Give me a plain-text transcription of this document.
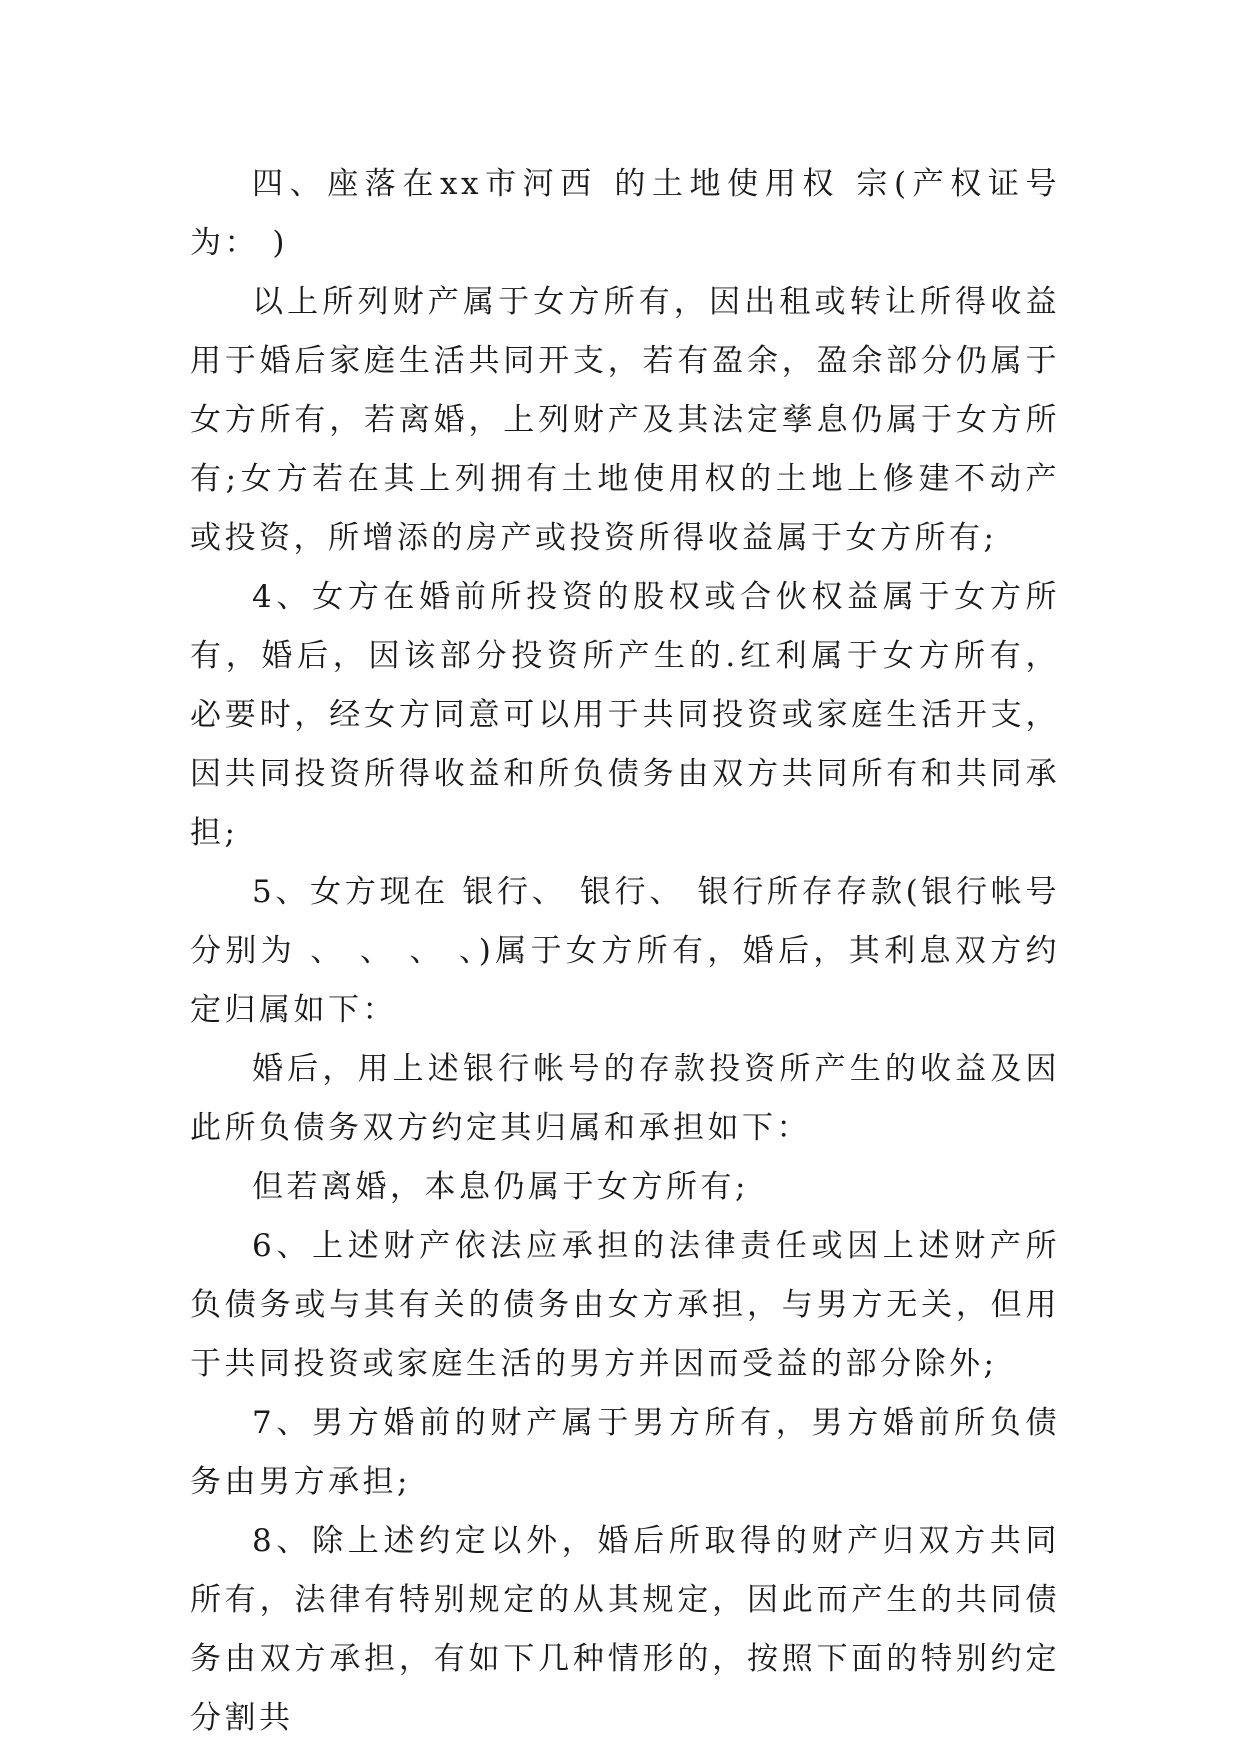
四、座落在xx市河西 的土地使用权 宗(产权证号为： )

以上所列财产属于女方所有，因出租或转让所得收益用于婚后家庭生活共同开支，若有盈余，盈余部分仍属于女方所有，若离婚，上列财产及其法定孳息仍属于女方所有;女方若在其上列拥有土地使用权的土地上修建不动产或投资，所增添的房产或投资所得收益属于女方所有;

4、女方在婚前所投资的股权或合伙权益属于女方所有，婚后，因该部分投资所产生的.红利属于女方所有，必要时，经女方同意可以用于共同投资或家庭生活开支，因共同投资所得收益和所负债务由双方共同所有和共同承担;

5、女方现在 银行、 银行、 银行所存存款(银行帐号分别为 、 、 、 、)属于女方所有，婚后，其利息双方约定归属如下：

婚后，用上述银行帐号的存款投资所产生的收益及因此所负债务双方约定其归属和承担如下：

但若离婚，本息仍属于女方所有;

6、上述财产依法应承担的法律责任或因上述财产所负债务或与其有关的债务由女方承担，与男方无关，但用于共同投资或家庭生活的男方并因而受益的部分除外;

7、男方婚前的财产属于男方所有，男方婚前所负债务由男方承担;

8、除上述约定以外，婚后所取得的财产归双方共同所有，法律有特别规定的从其规定，因此而产生的共同债务由双方承担，有如下几种情形的，按照下面的特别约定分割共
